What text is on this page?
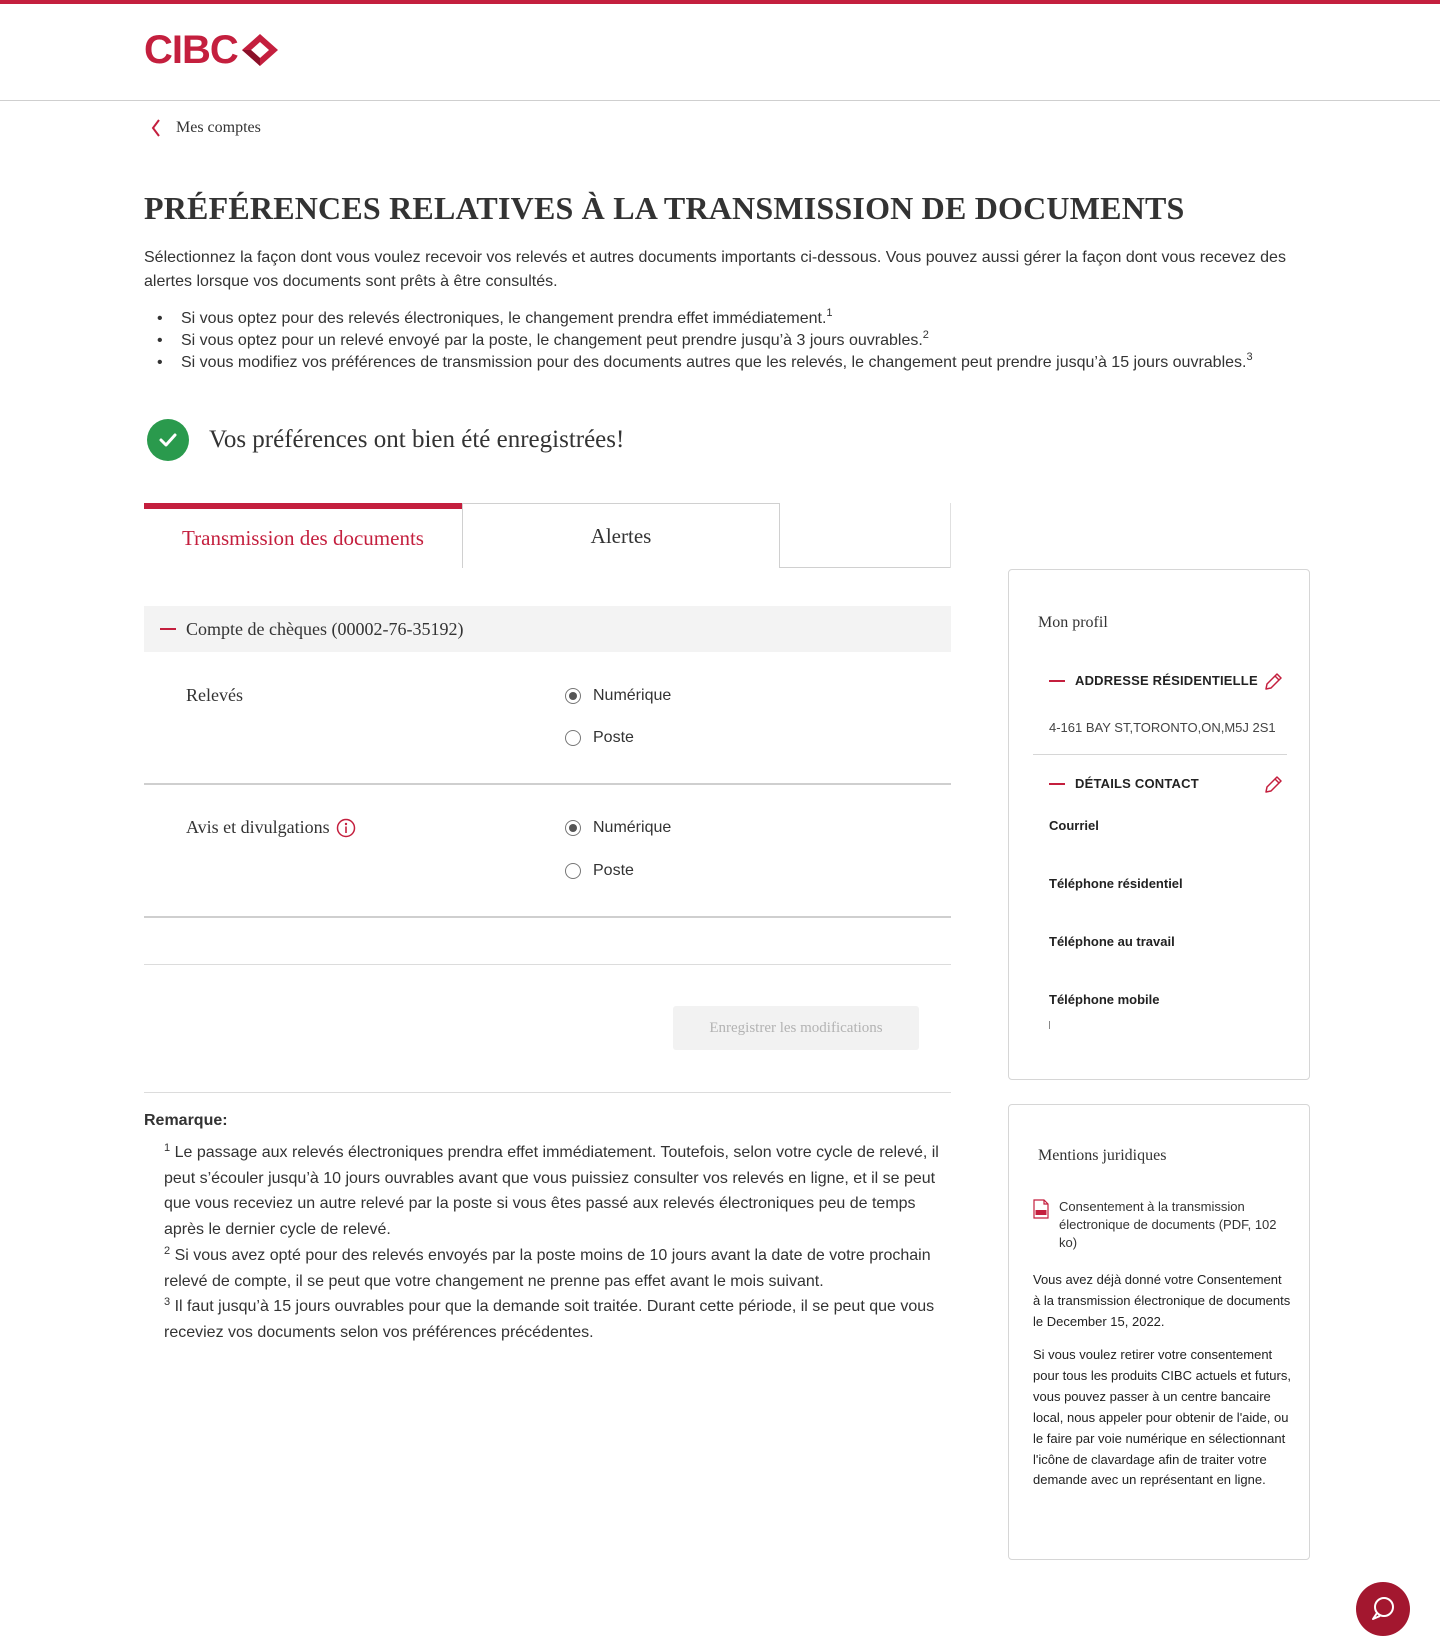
CIBC
Mes comptes
PRÉFÉRENCES RELATIVES À LA TRANSMISSION DE DOCUMENTS

Sélectionnez la façon dont vous voulez recevoir vos relevés et autres documents importants ci-dessous. Vous pouvez aussi gérer la façon dont vous recevez des alertes lorsque vos documents sont prêts à être consultés.

• Si vous optez pour des relevés électroniques, le changement prendra effet immédiatement.$^1$
• Si vous optez pour un relevé envoyé par la poste, le changement peut prendre jusqu’à 3 jours ouvrables.$^2$
• Si vous modifiez vos préférences de transmission pour des documents autres que les relevés, le changement peut prendre jusqu’à 15 jours ouvrables.$^3$
Vos préférences ont bien été enregistrées!
Transmission des documents	Alertes
Compte de chèques (00002-76-35192)
Relevés	Numérique
Poste
Avis et divulgations	Numérique
Poste
Enregistrer les modifications
Remarque:

$^1$ Le passage aux relevés électroniques prendra effet immédiatement. Toutefois, selon votre cycle de relevé, il peut s’écouler jusqu’à 10 jours ouvrables avant que vous puissiez consulter vos relevés en ligne, et il se peut que vous receviez un autre relevé par la poste si vous êtes passé aux relevés électroniques peu de temps après le dernier cycle de relevé.

$^2$ Si vous avez opté pour des relevés envoyés par la poste moins de 10 jours avant la date de votre prochain relevé de compte, il se peut que votre changement ne prenne pas effet avant le mois suivant.

$^3$ Il faut jusqu’à 15 jours ouvrables pour que la demande soit traitée. Durant cette période, il se peut que vous receviez vos documents selon vos préférences précédentes.

Mon profil
ADDRESSE RÉSIDENTIELLE
4-161 BAY ST,TORONTO,ON,M5J 2S1
DÉTAILS CONTACT
Courriel
Téléphone résidentiel
Téléphone au travail
Téléphone mobile
Mentions juridiques
Consentement à la transmission électronique de documents (PDF, 102 ko)

Vous avez déjà donné votre Consentement à la transmission électronique de documents le December 15, 2022.

Si vous voulez retirer votre consentement pour tous les produits CIBC actuels et futurs, vous pouvez passer à un centre bancaire local, nous appeler pour obtenir de l'aide, ou le faire par voie numérique en sélectionnant l'icône de clavardage afin de traiter votre demande avec un représentant en ligne.
